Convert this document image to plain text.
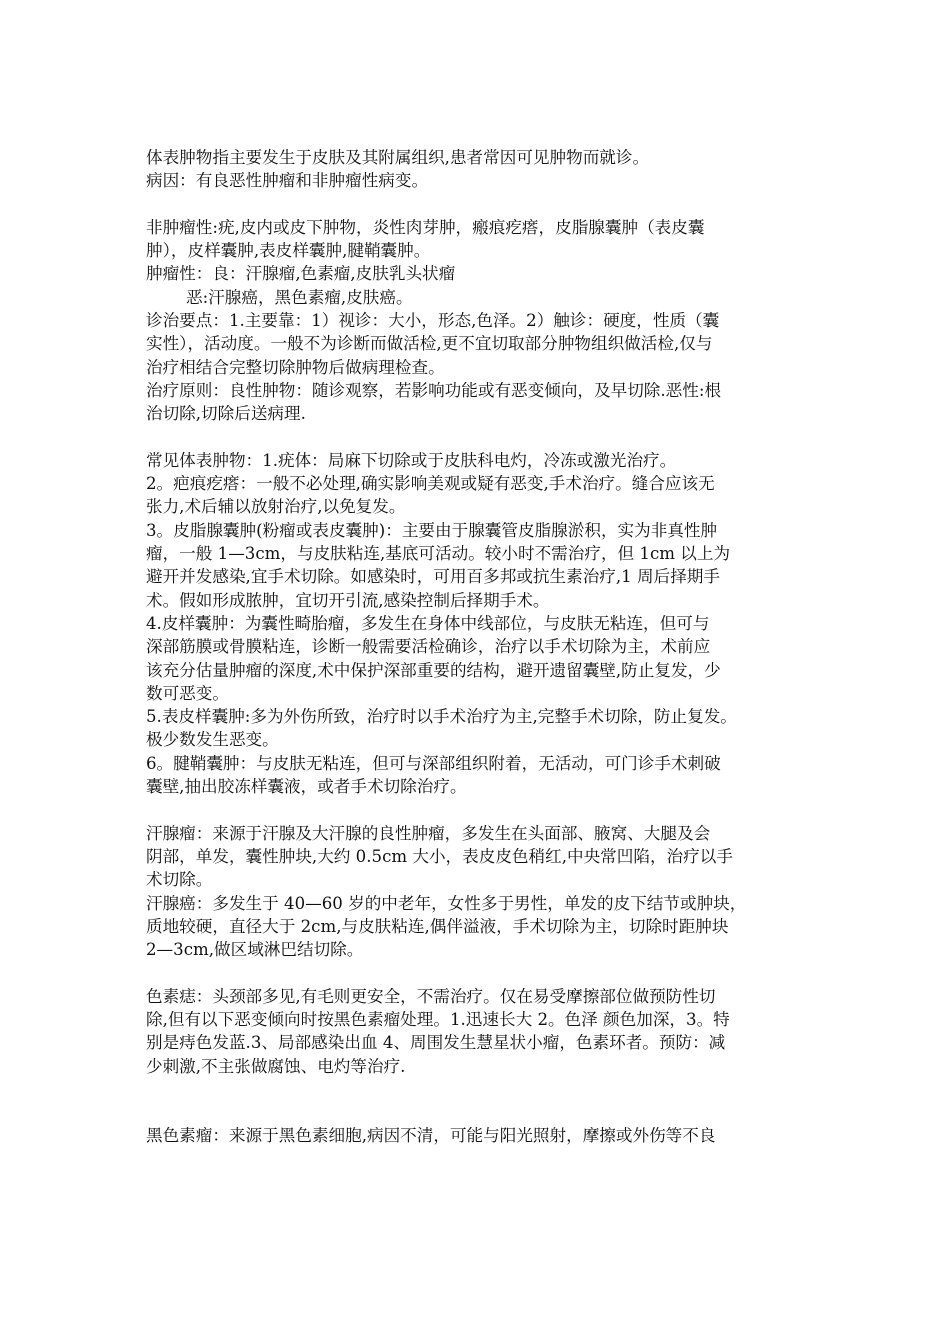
体表肿物指主要发生于皮肤及其附属组织,患者常因可见肿物而就诊。
病因：有良恶性肿瘤和非肿瘤性病变。
非肿瘤性:疣,皮内或皮下肿物，炎性肉芽肿，瘢痕疙瘩，皮脂腺囊肿（表皮囊
肿），皮样囊肿,表皮样囊肿,腱鞘囊肿。
肿瘤性：良：汗腺瘤,色素瘤,皮肤乳头状瘤
恶:汗腺癌，黑色素瘤,皮肤癌。
诊治要点：1.主要靠：1）视诊：大小，形态,色泽。2）触诊：硬度，性质（囊
实性），活动度。一般不为诊断而做活检,更不宜切取部分肿物组织做活检,仅与
治疗相结合完整切除肿物后做病理检查。
治疗原则：良性肿物：随诊观察，若影响功能或有恶变倾向，及早切除.恶性:根
治切除,切除后送病理.
常见体表肿物：1.疣体：局麻下切除或于皮肤科电灼，冷冻或激光治疗。
2。疤痕疙瘩：一般不必处理,确实影响美观或疑有恶变,手术治疗。缝合应该无
张力,术后辅以放射治疗,以免复发。
3。皮脂腺囊肿(粉瘤或表皮囊肿)：主要由于腺囊管皮脂腺淤积，实为非真性肿
瘤，一般 1—3cm，与皮肤粘连,基底可活动。较小时不需治疗，但 1cm 以上为
避开并发感染,宜手术切除。如感染时，可用百多邦或抗生素治疗,1 周后择期手
术。假如形成脓肿，宜切开引流,感染控制后择期手术。
4.皮样囊肿：为囊性畸胎瘤，多发生在身体中线部位，与皮肤无粘连，但可与
深部筋膜或骨膜粘连，诊断一般需要活检确诊，治疗以手术切除为主，术前应
该充分估量肿瘤的深度,术中保护深部重要的结构，避开遗留囊壁,防止复发，少
数可恶变。
5.表皮样囊肿:多为外伤所致，治疗时以手术治疗为主,完整手术切除，防止复发。
极少数发生恶变。
6。腱鞘囊肿：与皮肤无粘连，但可与深部组织附着，无活动，可门诊手术刺破
囊壁,抽出胶冻样囊液，或者手术切除治疗。
汗腺瘤：来源于汗腺及大汗腺的良性肿瘤，多发生在头面部、腋窝、大腿及会
阴部，单发，囊性肿块,大约 0.5cm 大小，表皮皮色稍红,中央常凹陷，治疗以手
术切除。
汗腺癌：多发生于 40—60 岁的中老年，女性多于男性，单发的皮下结节或肿块，
质地较硬，直径大于 2cm,与皮肤粘连,偶伴溢液，手术切除为主，切除时距肿块
2—3cm,做区域淋巴结切除。
色素痣：头颈部多见,有毛则更安全，不需治疗。仅在易受摩擦部位做预防性切
除,但有以下恶变倾向时按黑色素瘤处理。1.迅速长大 2。色泽 颜色加深，3。特
别是痔色发蓝.3、局部感染出血 4、周围发生慧星状小瘤，色素环者。预防：减
少刺激,不主张做腐蚀、电灼等治疗.
黑色素瘤：来源于黑色素细胞,病因不清，可能与阳光照射，摩擦或外伤等不良
